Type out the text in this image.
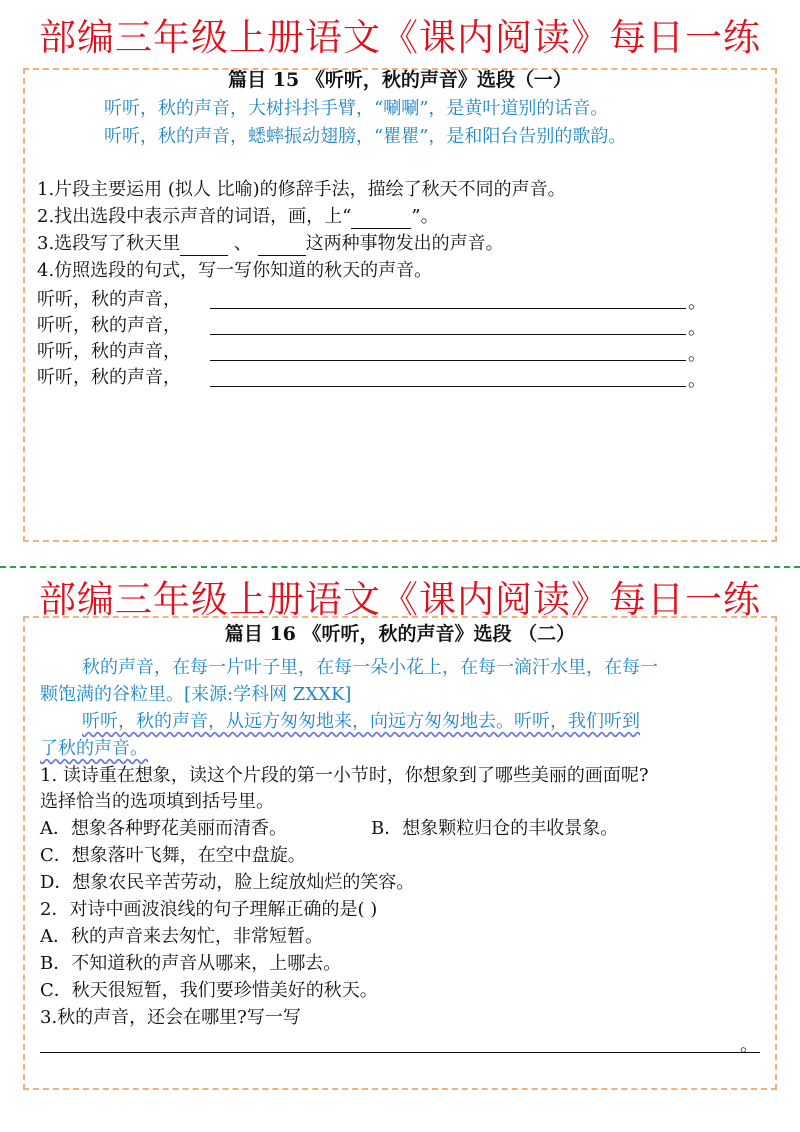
部编三年级上册语文《课内阅读》每日一练
篇目 15 《听听，秋的声音》选段（一）
听听，秋的声音，大树抖抖手臂，“唰唰”，是黄叶道别的话音。
听听，秋的声音，蟋蟀振动翅膀，“瞿瞿”，是和阳台告别的歌韵。
1.片段主要运用 (拟人 比喻)的修辞手法，描绘了秋天不同的声音。
2.找出选段中表示声音的词语，画，上“	”。
3.选段写了秋天里	、	这两种事物发出的声音。
4.仿照选段的句式，写一写你知道的秋天的声音。
听听，秋的声音，	。
听听，秋的声音，	。
听听，秋的声音，	。
听听，秋的声音，	。
部编三年级上册语文《课内阅读》每日一练
篇目 16 《听听，秋的声音》选段 （二）
秋的声音，在每一片叶子里，在每一朵小花上，在每一滴汗水里，在每一
颗饱满的谷粒里。[来源:学科网 ZXXK]
听听，秋的声音，从远方匆匆地来，向远方匆匆地去。听听，我们听到
了秋的声音。
1. 读诗重在想象，读这个片段的第一小节时，你想象到了哪些美丽的画面呢?
选择恰当的选项填到括号里。
A．想象各种野花美丽而清香。	B．想象颗粒归仓的丰收景象。
C．想象落叶飞舞，在空中盘旋。
D．想象农民辛苦劳动，脸上绽放灿烂的笑容。
2．对诗中画波浪线的句子理解正确的是( )
A．秋的声音来去匆忙，非常短暂。
B．不知道秋的声音从哪来，上哪去。
C．秋天很短暂，我们要珍惜美好的秋天。
3.秋的声音，还会在哪里?写一写
。
